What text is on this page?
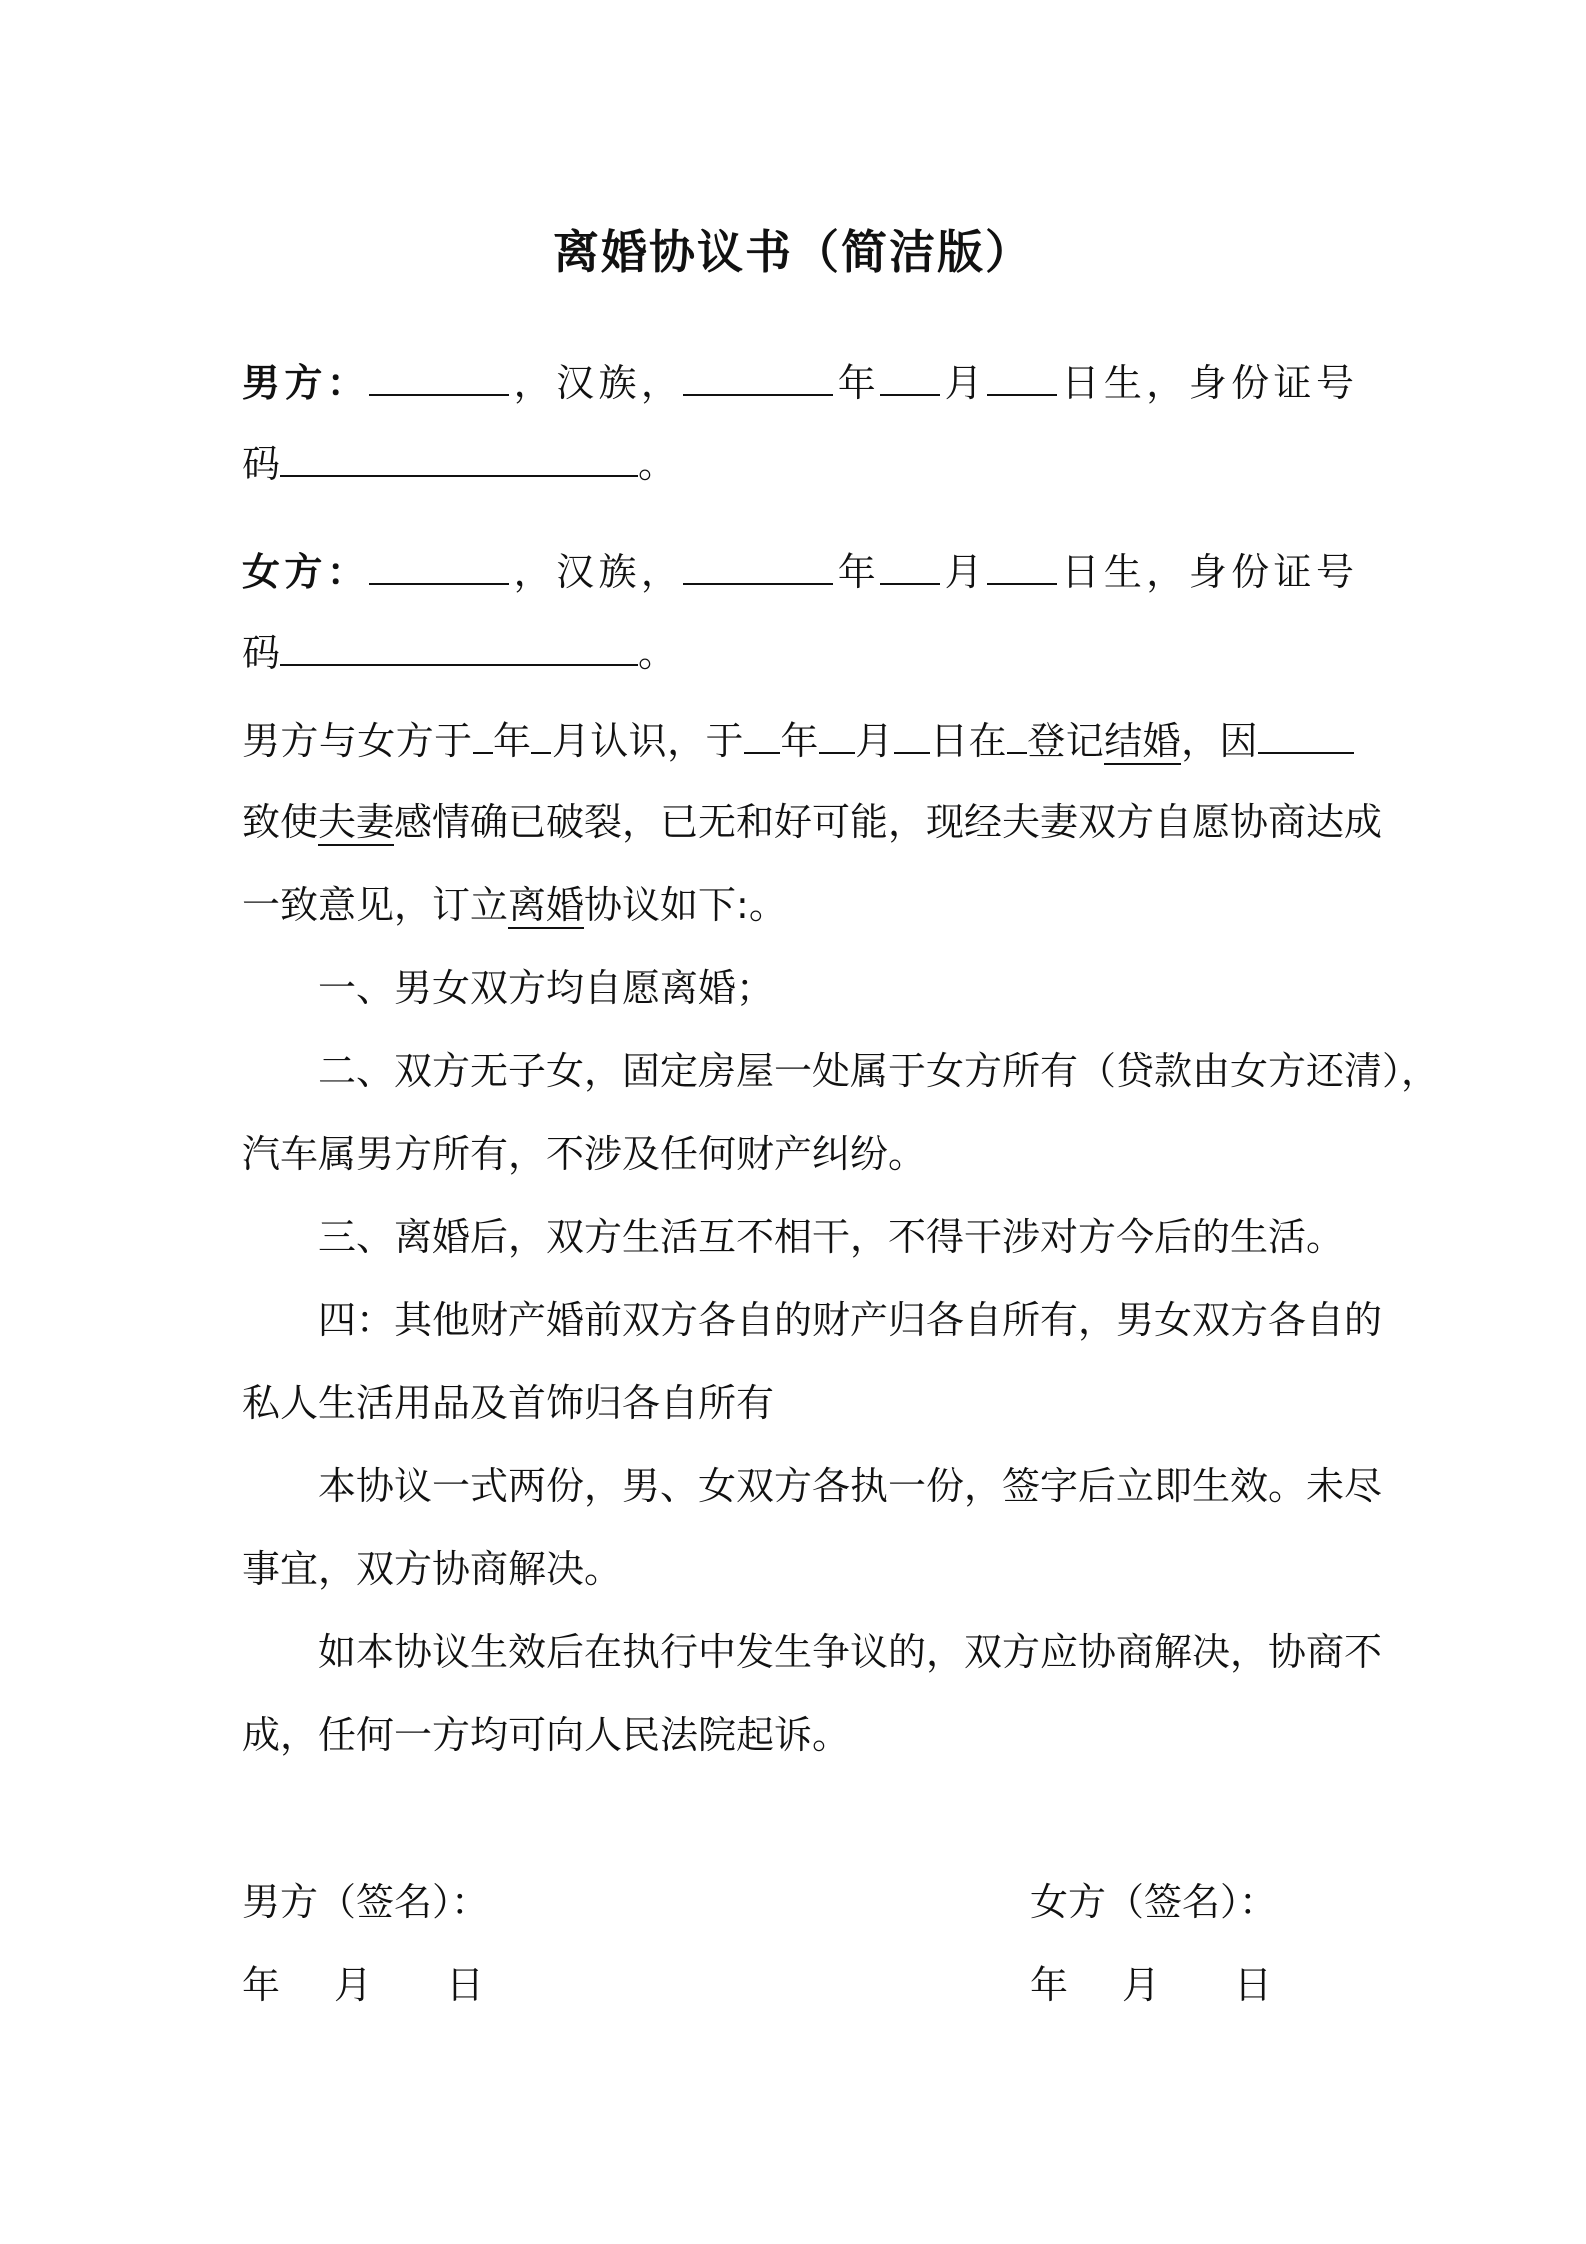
离婚协议书（简洁版）
男方：	，汉族，	年 月 日生，身份证号
码	。
女方：	，汉族，	年 月 日生，身份证号
码	。
男方与女方于 年 月认识，于 年 月 日在 登记结婚，因
致使夫妻感情确已破裂，已无和好可能，现经夫妻双方自愿协商达成
一致意见，订立离婚协议如下:。
一、男女双方均自愿离婚；
二、双方无子女，固定房屋一处属于女方所有（贷款由女方还清），
汽车属男方所有，不涉及任何财产纠纷。
三、离婚后，双方生活互不相干，不得干涉对方今后的生活。
四：其他财产婚前双方各自的财产归各自所有，男女双方各自的
私人生活用品及首饰归各自所有
本协议一式两份，男、女双方各执一份，签字后立即生效。未尽
事宜，双方协商解决。
如本协议生效后在执行中发生争议的，双方应协商解决，协商不
成，任何一方均可向人民法院起诉。
男方（签名）：	女方（签名）：
年 月 日	年 月 日
